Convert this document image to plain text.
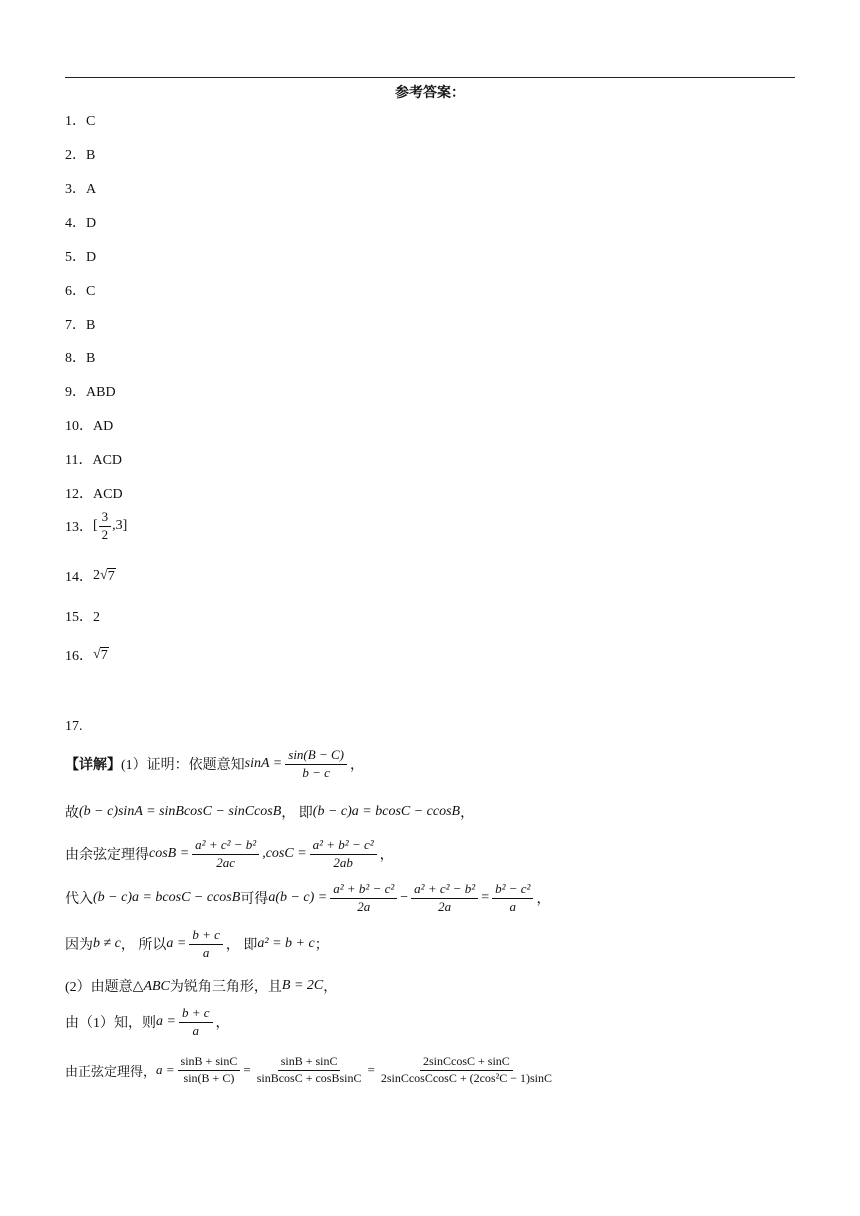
参考答案：
1．C
2．B
3．A
4．D
5．D
6．C
7．B
8．B
9．ABD
10．AD
11．ACD
12．ACD
13． [ $\frac{3}{2} ,3$]
14． 2 √ 7
15．2
16． √ 7
17.
【详解】 (1）证明：依题意知 $\sin A = \frac{\sin(B - C)}{b - c}$ ，
故 (b − c)sinA = sinBcosC − sinCcosB ， 即 (b − c)a = bcosC − ccosB ，
由余弦定理得 $\cos B = \frac{\text{a² + c² − b²}}{2ac} ,\cos C = \frac{\text{a² + b² − c²}}{2ab}$ ，
代入 (b − c)a = bcosC − ccosB 可得 $a(b - c) = \frac{\text{a² + b² − c²}}{2a} - \frac{\text{a² + c² − b²}}{2a} = \frac{\text{b² − c²}}{a}$ ，
因为 b ≠ c ， 所以 $a = \frac{b + c}{a}$ ， 即 a² = b + c ；
(2）由题意 △ABC 为锐角三角形，且 B = 2C ，
由（1）知，则 $a = \frac{b + c}{a}$ ，
由正弦定理得， $a = \frac{\sin B + \sin C}{\sin(B + C)} = \frac{\sin B + \sin C}{\text{sinBcosC + cosBsinC}} = \frac{\text{2sinCcosC + sinC}}{\text{2sinCcosCcosC + (2cos²C − 1)sinC}}$
